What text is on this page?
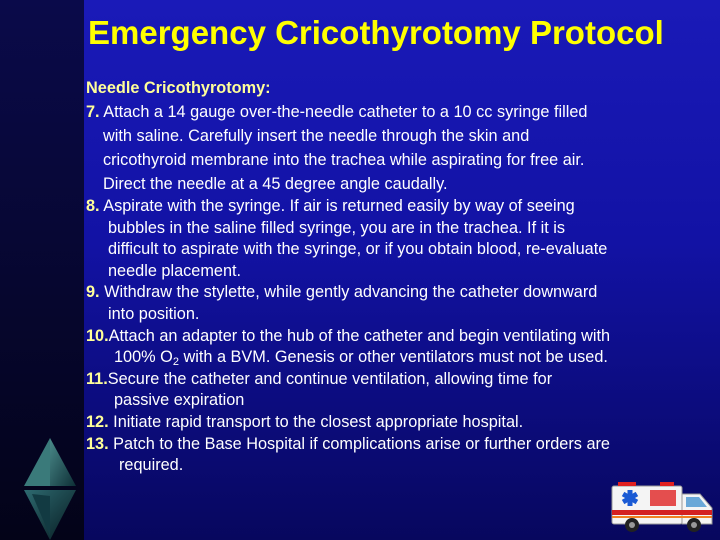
Emergency Cricothyrotomy Protocol
Needle Cricothyrotomy:
7. Attach a 14 gauge over-the-needle catheter to a 10 cc syringe filled
with saline. Carefully insert the needle through the skin and
cricothyroid membrane into the trachea while aspirating for free air.
Direct the needle at a 45 degree angle caudally.
8. Aspirate with the syringe. If air is returned easily by way of seeing
bubbles in the saline filled syringe, you are in the trachea. If it is
difficult to aspirate with the syringe, or if you obtain blood, re-evaluate
needle placement.
9. Withdraw the stylette, while gently advancing the catheter downward
into position.
10.Attach an adapter to the hub of the catheter and begin ventilating with
100% $O_2$ with a BVM. Genesis or other ventilators must not be used.
11.Secure the catheter and continue ventilation, allowing time for
passive expiration
12. Initiate rapid transport to the closest appropriate hospital.
13. Patch to the Base Hospital if complications arise or further orders are
required.
